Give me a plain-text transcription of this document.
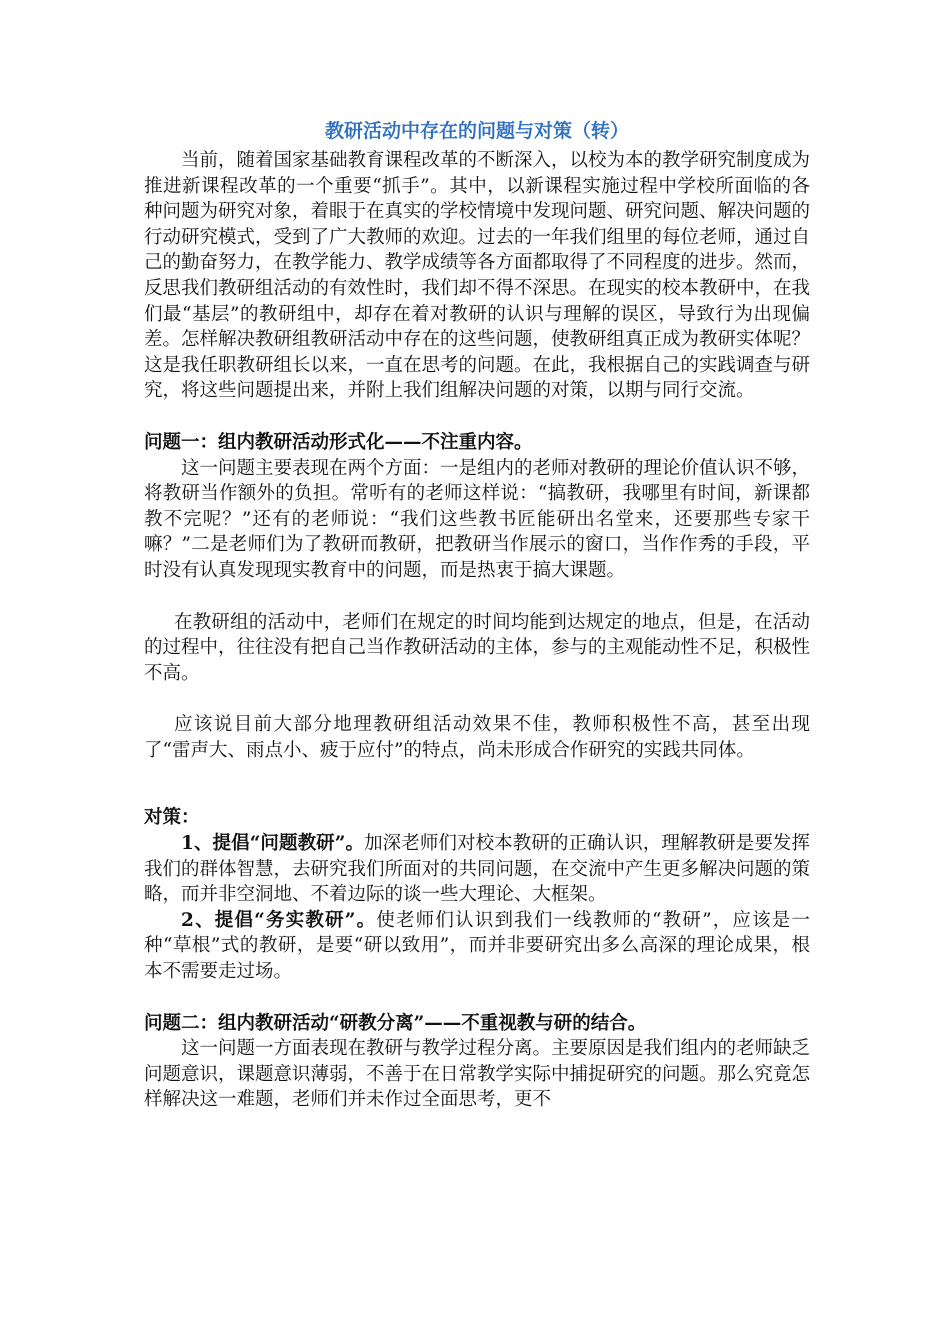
教研活动中存在的问题与对策（转）

当前，随着国家基础教育课程改革的不断深入，以校为本的教学研究制度成为推进新课程改革的一个重要“抓手”。其中，以新课程实施过程中学校所面临的各种问题为研究对象，着眼于在真实的学校情境中发现问题、研究问题、解决问题的行动研究模式，受到了广大教师的欢迎。过去的一年我们组里的每位老师，通过自己的勤奋努力，在教学能力、教学成绩等各方面都取得了不同程度的进步。然而，反思我们教研组活动的有效性时，我们却不得不深思。在现实的校本教研中，在我们最“基层”的教研组中，却存在着对教研的认识与理解的误区，导致行为出现偏差。怎样解决教研组教研活动中存在的这些问题，使教研组真正成为教研实体呢？这是我任职教研组长以来，一直在思考的问题。在此，我根据自己的实践调查与研究，将这些问题提出来，并附上我们组解决问题的对策，以期与同行交流。

问题一：组内教研活动形式化——不注重内容。

这一问题主要表现在两个方面：一是组内的老师对教研的理论价值认识不够，将教研当作额外的负担。常听有的老师这样说：“搞教研，我哪里有时间，新课都教不完呢？”还有的老师说：“我们这些教书匠能研出名堂来，还要那些专家干嘛？”二是老师们为了教研而教研，把教研当作展示的窗口，当作作秀的手段，平时没有认真发现现实教育中的问题，而是热衷于搞大课题。

在教研组的活动中，老师们在规定的时间均能到达规定的地点，但是，在活动的过程中，往往没有把自己当作教研活动的主体，参与的主观能动性不足，积极性不高。

应该说目前大部分地理教研组活动效果不佳，教师积极性不高，甚至出现了“雷声大、雨点小、疲于应付”的特点，尚未形成合作研究的实践共同体。

对策：

1、提倡“问题教研”。加深老师们对校本教研的正确认识，理解教研是要发挥我们的群体智慧，去研究我们所面对的共同问题，在交流中产生更多解决问题的策略，而并非空洞地、不着边际的谈一些大理论、大框架。

2、提倡“务实教研”。使老师们认识到我们一线教师的“教研”，应该是一种“草根”式的教研，是要“研以致用”，而并非要研究出多么高深的理论成果，根本不需要走过场。

问题二：组内教研活动“研教分离”——不重视教与研的结合。

这一问题一方面表现在教研与教学过程分离。主要原因是我们组内的老师缺乏问题意识，课题意识薄弱，不善于在日常教学实际中捕捉研究的问题。那么究竟怎样解决这一难题，老师们并未作过全面思考，更不
